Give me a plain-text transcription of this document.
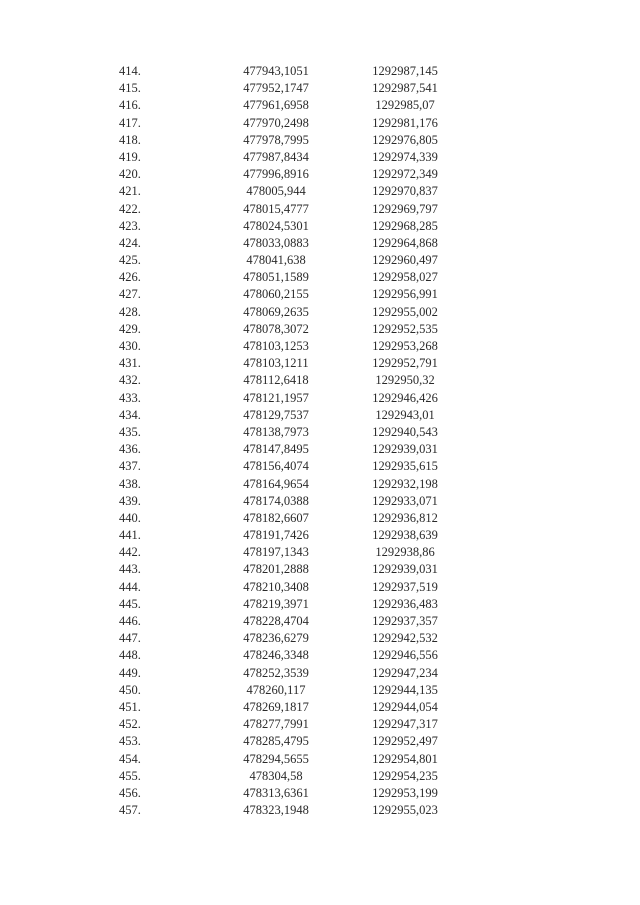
414.	477943,1051	1292987,145
415.	477952,1747	1292987,541
416.	477961,6958	1292985,07
417.	477970,2498	1292981,176
418.	477978,7995	1292976,805
419.	477987,8434	1292974,339
420.	477996,8916	1292972,349
421.	478005,944	1292970,837
422.	478015,4777	1292969,797
423.	478024,5301	1292968,285
424.	478033,0883	1292964,868
425.	478041,638	1292960,497
426.	478051,1589	1292958,027
427.	478060,2155	1292956,991
428.	478069,2635	1292955,002
429.	478078,3072	1292952,535
430.	478103,1253	1292953,268
431.	478103,1211	1292952,791
432.	478112,6418	1292950,32
433.	478121,1957	1292946,426
434.	478129,7537	1292943,01
435.	478138,7973	1292940,543
436.	478147,8495	1292939,031
437.	478156,4074	1292935,615
438.	478164,9654	1292932,198
439.	478174,0388	1292933,071
440.	478182,6607	1292936,812
441.	478191,7426	1292938,639
442.	478197,1343	1292938,86
443.	478201,2888	1292939,031
444.	478210,3408	1292937,519
445.	478219,3971	1292936,483
446.	478228,4704	1292937,357
447.	478236,6279	1292942,532
448.	478246,3348	1292946,556
449.	478252,3539	1292947,234
450.	478260,117	1292944,135
451.	478269,1817	1292944,054
452.	478277,7991	1292947,317
453.	478285,4795	1292952,497
454.	478294,5655	1292954,801
455.	478304,58	1292954,235
456.	478313,6361	1292953,199
457.	478323,1948	1292955,023
